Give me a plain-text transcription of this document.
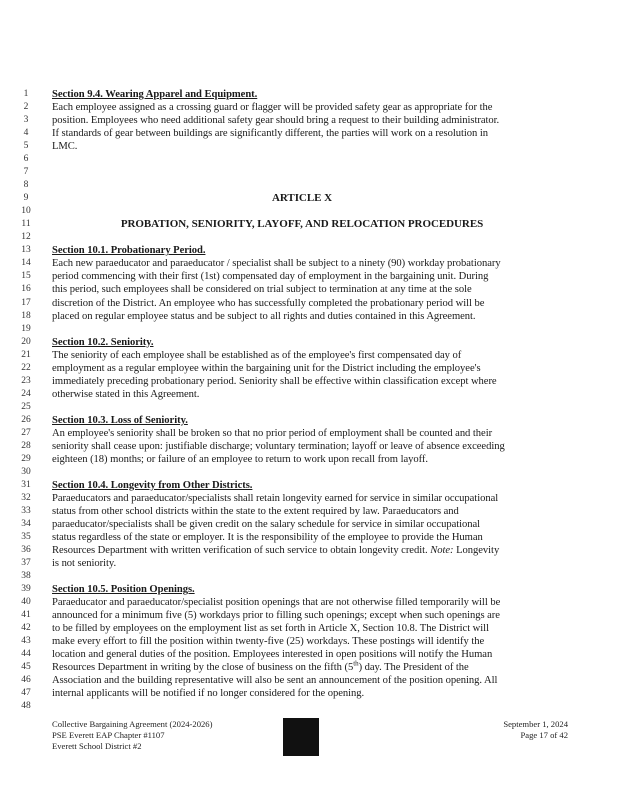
1	Section 9.4. Wearing Apparel and Equipment.
2	Each employee assigned as a crossing guard or flagger will be provided safety gear as appropriate for the
3	position. Employees who need additional safety gear should bring a request to their building administrator.
4	If standards of gear between buildings are significantly different, the parties will work on a resolution in
5	LMC.
6
7
8
9	ARTICLE X
10
11	PROBATION, SENIORITY, LAYOFF, AND RELOCATION PROCEDURES
12
13	Section 10.1. Probationary Period.
14	Each new paraeducator and paraeducator / specialist shall be subject to a ninety (90) workday probationary
15	period commencing with their first (1st) compensated day of employment in the bargaining unit. During
16	this period, such employees shall be considered on trial subject to termination at any time at the sole
17	discretion of the District. An employee who has successfully completed the probationary period will be
18	placed on regular employee status and be subject to all rights and duties contained in this Agreement.
19
20	Section 10.2. Seniority.
21	The seniority of each employee shall be established as of the employee's first compensated day of
22	employment as a regular employee within the bargaining unit for the District including the employee's
23	immediately preceding probationary period. Seniority shall be effective within classification except where
24	otherwise stated in this Agreement.
25
26	Section 10.3. Loss of Seniority.
27	An employee's seniority shall be broken so that no prior period of employment shall be counted and their
28	seniority shall cease upon: justifiable discharge; voluntary termination; layoff or leave of absence exceeding
29	eighteen (18) months; or failure of an employee to return to work upon recall from layoff.
30
31	Section 10.4. Longevity from Other Districts.
32	Paraeducators and paraeducator/specialists shall retain longevity earned for service in similar occupational
33	status from other school districts within the state to the extent required by law. Paraeducators and
34	paraeducator/specialists shall be given credit on the salary schedule for service in similar occupational
35	status regardless of the state or employer. It is the responsibility of the employee to provide the Human
36	Resources Department with written verification of such service to obtain longevity credit. Note: Longevity
37	is not seniority.
38
39	Section 10.5. Position Openings.
40	Paraeducator and paraeducator/specialist position openings that are not otherwise filled temporarily will be
41	announced for a minimum five (5) workdays prior to filling such openings; except when such openings are
42	to be filled by employees on the employment list as set forth in Article X, Section 10.8. The District will
43	make every effort to fill the position within twenty-five (25) workdays. These postings will identify the
44	location and general duties of the position. Employees interested in open positions will notify the Human
45	Resources Department in writing by the close of business on the fifth (5th) day. The President of the
46	Association and the building representative will also be sent an announcement of the position opening. All
47	internal applicants will be notified if no longer considered for the opening.
48
Collective Bargaining Agreement (2024-2026)
PSE Everett EAP Chapter #1107
Everett School District #2
September 1, 2024
Page 17 of 42
